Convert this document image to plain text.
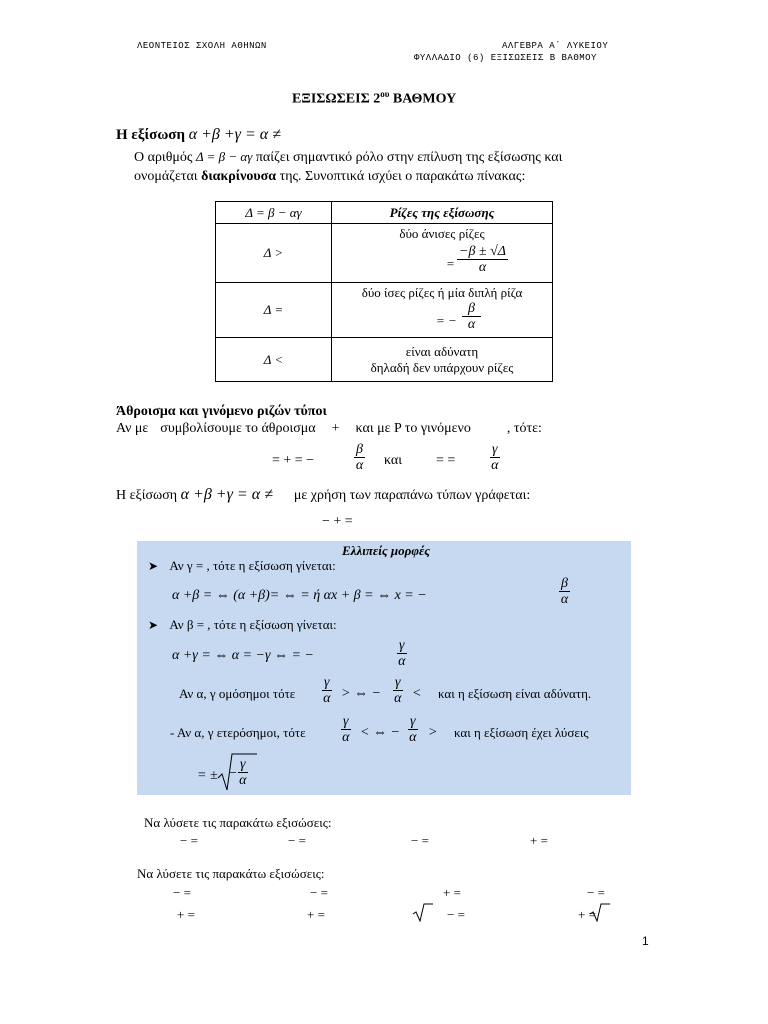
ΛΕΟΝΤΕΙΟΣ ΣΧΟΛΗ ΑΘΗΝΩΝ	ΑΛΓΕΒΡΑ Α΄ ΛΥΚΕΙΟΥ
ΦΥΛΛΑΔΙΟ (6) ΕΞΙΣΩΣΕΙΣ Β ΒΑΘΜΟΥ
ΕΞΙΣΩΣΕΙΣ $2^{o\upsilon}$ ΒΑΘΜΟΥ
Η εξίσωση α +β +γ = α ≠
Ο αριθμός Δ = β − αγ παίζει σημαντικό ρόλο στην επίλυση της εξίσωσης και
ονομάζεται διακρίνουσα της. Συνοπτικά ισχύει ο παρακάτω πίνακας:
Δ = β − αγ	Ρίζες της εξίσωσης
Δ >	δύο άνισες ρίζες
= $\frac{-\beta \pm √\Delta}{\alpha}$

Δ =	δύο ίσες ρίζες ή μία διπλή ρίζα
= − $\frac{\beta}{\alpha}$

Δ <	είναι αδύνατη
δηλαδή δεν υπάρχουν ρίζες
Άθροισμα και γινόμενο ριζών τύποι
Αν με συμβολίσουμε το άθροισμα + και με P το γινόμενο	, τότε:
= + = −	$\frac{\beta}{\alpha}$ και = = $\frac{\gamma}{\alpha}$
Η εξίσωση α +β +γ = α ≠ με χρήση των παραπάνω τύπων γράφεται:
− + =
Ελλιπείς μορφές
➤ Αν γ = , τότε η εξίσωση γίνεται:
α +β = ⇔ (α +β)= ⇔ = ή αx + β = ⇔ x = −	$\frac{\beta}{\alpha}$
➤ Αν β = , τότε η εξίσωση γίνεται:
α +γ = ⇔ α = −γ ⇔ = −	$\frac{\gamma}{\alpha}$
Αν α, γ ομόσημοι τότε $\frac{\gamma}{\alpha}$ > ⇔ − $\frac{\gamma}{\alpha} < \kappa\alpha\iota$ η εξίσωση είναι αδύνατη.
- Αν α, γ ετερόσημοι, τότε	$\frac{\gamma}{\alpha}$ < ⇔ − $\frac{\gamma}{\alpha} > \kappa\alpha\iota$ η εξίσωση έχει λύσεις
= ± − $\frac{\gamma}{\alpha}$
Να λύσετε τις παρακάτω εξισώσεις:
− =	− =	− =	+ =
Να λύσετε τις παρακάτω εξισώσεις:
− =	− =	+ =	− =
+ =	+ =	− =	+ =
1
